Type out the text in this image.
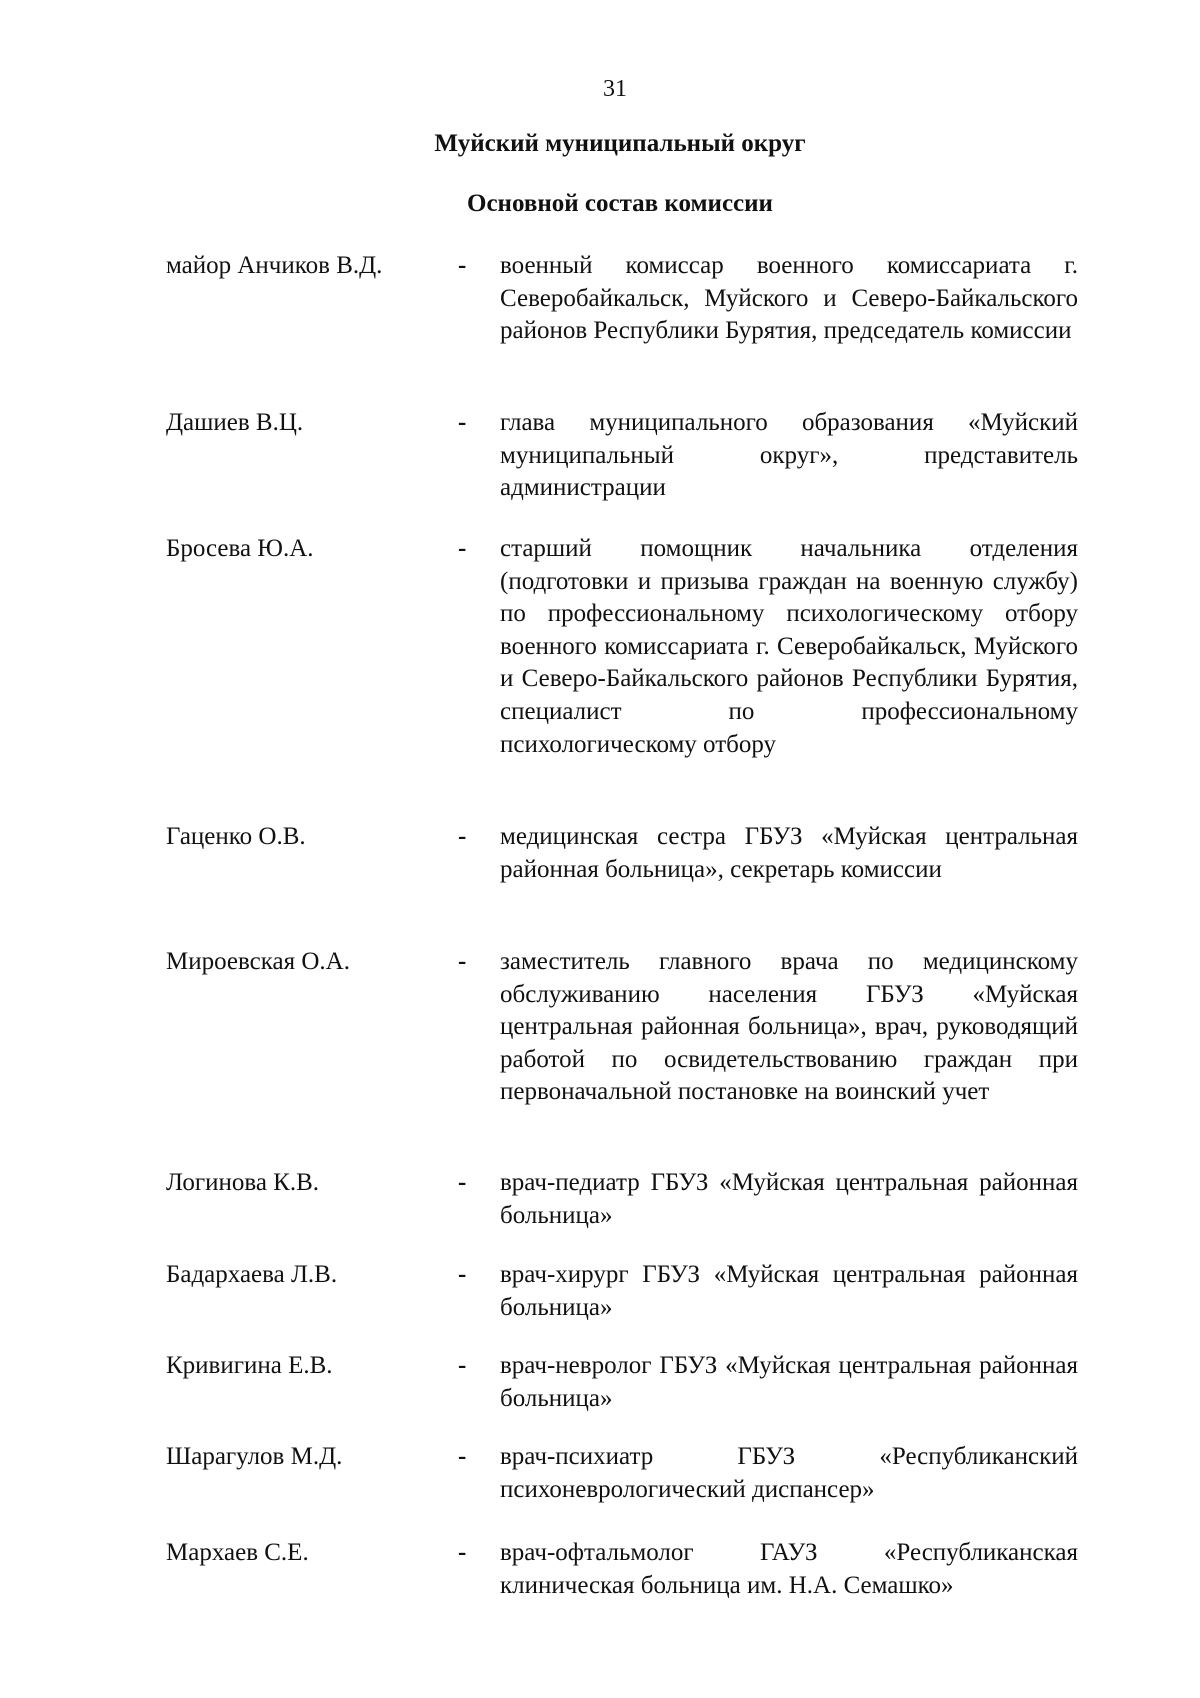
31
Муйский муниципальный округ
Основной состав комиссии
майор Анчиков В.Д.	- военный комиссар военного комиссариата г. Северобайкальск, Муйского и Северо-Байкальского районов Республики Бурятия, председатель комиссии
Дашиев В.Ц.	- глава муниципального образования «Муйский муниципальный округ», представитель администрации
Бросева Ю.А.	- старший помощник начальника отделения (подготовки и призыва граждан на военную службу) по профессиональному психологическому отбору военного комиссариата г. Северобайкальск, Муйского и Северо-Байкальского районов Республики Бурятия, специалист по профессиональному психологическому отбору
Гаценко О.В.	- медицинская сестра ГБУЗ «Муйская центральная районная больница», секретарь комиссии
Мироевская О.А.	- заместитель главного врача по медицинскому обслуживанию населения ГБУЗ «Муйская центральная районная больница», врач, руководящий работой по освидетельствованию граждан при первоначальной постановке на воинский учет
Логинова К.В.	- врач-педиатр ГБУЗ «Муйская центральная районная больница»
Бадархаева Л.В.	- врач-хирург ГБУЗ «Муйская центральная районная больница»
Кривигина Е.В.	- врач-невролог ГБУЗ «Муйская центральная районная больница»
Шарагулов М.Д.	- врач-психиатр ГБУЗ «Республиканский психоневрологический диспансер»
Мархаев С.Е.	- врач-офтальмолог ГАУЗ «Республиканская клиническая больница им. Н.А. Семашко»
